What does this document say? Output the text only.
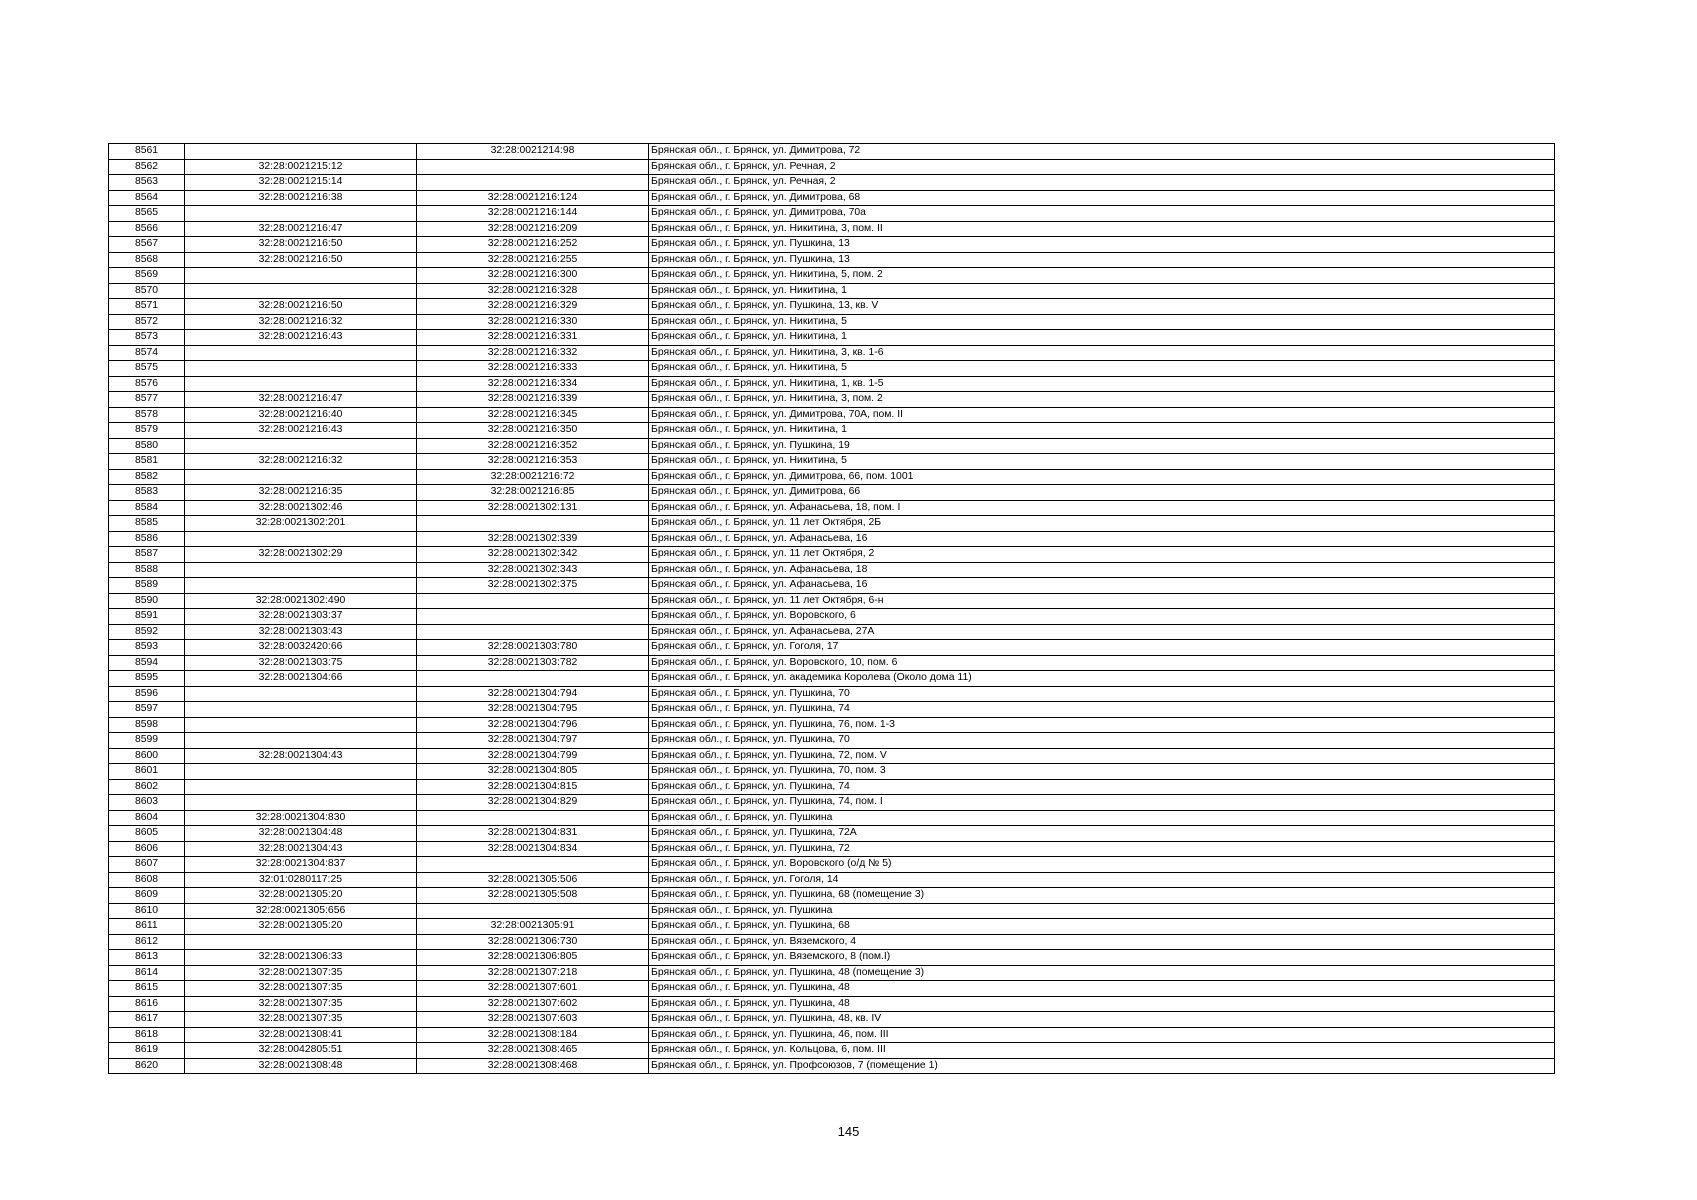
8561		32:28:0021214:98	Брянская обл., г. Брянск, ул. Димитрова, 72
8562	32:28:0021215:12		Брянская обл., г. Брянск, ул. Речная, 2
8563	32:28:0021215:14		Брянская обл., г. Брянск, ул. Речная, 2
8564	32:28:0021216:38	32:28:0021216:124	Брянская обл., г. Брянск, ул. Димитрова, 68
8565		32:28:0021216:144	Брянская обл., г. Брянск, ул. Димитрова, 70а
8566	32:28:0021216:47	32:28:0021216:209	Брянская обл., г. Брянск, ул. Никитина, 3, пом. II
8567	32:28:0021216:50	32:28:0021216:252	Брянская обл., г. Брянск, ул. Пушкина, 13
8568	32:28:0021216:50	32:28:0021216:255	Брянская обл., г. Брянск, ул. Пушкина, 13
8569		32:28:0021216:300	Брянская обл., г. Брянск, ул. Никитина, 5, пом. 2
8570		32:28:0021216:328	Брянская обл., г. Брянск, ул. Никитина, 1
8571	32:28:0021216:50	32:28:0021216:329	Брянская обл., г. Брянск, ул. Пушкина, 13, кв. V
8572	32:28:0021216:32	32:28:0021216:330	Брянская обл., г. Брянск, ул. Никитина, 5
8573	32:28:0021216:43	32:28:0021216:331	Брянская обл., г. Брянск, ул. Никитина, 1
8574		32:28:0021216:332	Брянская обл., г. Брянск, ул. Никитина, 3, кв. 1-6
8575		32:28:0021216:333	Брянская обл., г. Брянск, ул. Никитина, 5
8576		32:28:0021216:334	Брянская обл., г. Брянск, ул. Никитина, 1, кв. 1-5
8577	32:28:0021216:47	32:28:0021216:339	Брянская обл., г. Брянск, ул. Никитина, 3, пом. 2
8578	32:28:0021216:40	32:28:0021216:345	Брянская обл., г. Брянск, ул. Димитрова, 70А, пом. II
8579	32:28:0021216:43	32:28:0021216:350	Брянская обл., г. Брянск, ул. Никитина, 1
8580		32:28:0021216:352	Брянская обл., г. Брянск, ул. Пушкина, 19
8581	32:28:0021216:32	32:28:0021216:353	Брянская обл., г. Брянск, ул. Никитина, 5
8582		32:28:0021216:72	Брянская обл., г. Брянск, ул. Димитрова, 66, пом. 1001
8583	32:28:0021216:35	32:28:0021216:85	Брянская обл., г. Брянск, ул. Димитрова, 66
8584	32:28:0021302:46	32:28:0021302:131	Брянская обл., г. Брянск, ул. Афанасьева, 18, пом. I
8585	32:28:0021302:201		Брянская обл., г. Брянск, ул. 11 лет Октября, 2Б
8586		32:28:0021302:339	Брянская обл., г. Брянск, ул. Афанасьева, 16
8587	32:28:0021302:29	32:28:0021302:342	Брянская обл., г. Брянск, ул. 11 лет Октября, 2
8588		32:28:0021302:343	Брянская обл., г. Брянск, ул. Афанасьева, 18
8589		32:28:0021302:375	Брянская обл., г. Брянск, ул. Афанасьева, 16
8590	32:28:0021302:490		Брянская обл., г. Брянск, ул. 11 лет Октября, 6-н
8591	32:28:0021303:37		Брянская обл., г. Брянск, ул. Воровского, 6
8592	32:28:0021303:43		Брянская обл., г. Брянск, ул. Афанасьева, 27А
8593	32:28:0032420:66	32:28:0021303:780	Брянская обл., г. Брянск, ул. Гоголя, 17
8594	32:28:0021303:75	32:28:0021303:782	Брянская обл., г. Брянск, ул. Воровского, 10, пом. 6
8595	32:28:0021304:66		Брянская обл., г. Брянск, ул. академика Королева (Около дома 11)
8596		32:28:0021304:794	Брянская обл., г. Брянск, ул. Пушкина, 70
8597		32:28:0021304:795	Брянская обл., г. Брянск, ул. Пушкина, 74
8598		32:28:0021304:796	Брянская обл., г. Брянск, ул. Пушкина, 76, пом. 1-3
8599		32:28:0021304:797	Брянская обл., г. Брянск, ул. Пушкина, 70
8600	32:28:0021304:43	32:28:0021304:799	Брянская обл., г. Брянск, ул. Пушкина, 72, пом. V
8601		32:28:0021304:805	Брянская обл., г. Брянск, ул. Пушкина, 70, пом. 3
8602		32:28:0021304:815	Брянская обл., г. Брянск, ул. Пушкина, 74
8603		32:28:0021304:829	Брянская обл., г. Брянск, ул. Пушкина, 74, пом. I
8604	32:28:0021304:830		Брянская обл., г. Брянск, ул. Пушкина
8605	32:28:0021304:48	32:28:0021304:831	Брянская обл., г. Брянск, ул. Пушкина, 72А
8606	32:28:0021304:43	32:28:0021304:834	Брянская обл., г. Брянск, ул. Пушкина, 72
8607	32:28:0021304:837		Брянская обл., г. Брянск, ул. Воровского (о/д № 5)
8608	32:01:0280117:25	32:28:0021305:506	Брянская обл., г. Брянск, ул. Гоголя, 14
8609	32:28:0021305:20	32:28:0021305:508	Брянская обл., г. Брянск, ул. Пушкина, 68 (помещение 3)
8610	32:28:0021305:656		Брянская обл., г. Брянск, ул. Пушкина
8611	32:28:0021305:20	32:28:0021305:91	Брянская обл., г. Брянск, ул. Пушкина, 68
8612		32:28:0021306:730	Брянская обл., г. Брянск, ул. Вяземского, 4
8613	32:28:0021306:33	32:28:0021306:805	Брянская обл., г. Брянск, ул. Вяземского, 8 (пом.I)
8614	32:28:0021307:35	32:28:0021307:218	Брянская обл., г. Брянск, ул. Пушкина, 48 (помещение 3)
8615	32:28:0021307:35	32:28:0021307:601	Брянская обл., г. Брянск, ул. Пушкина, 48
8616	32:28:0021307:35	32:28:0021307:602	Брянская обл., г. Брянск, ул. Пушкина, 48
8617	32:28:0021307:35	32:28:0021307:603	Брянская обл., г. Брянск, ул. Пушкина, 48, кв. IV
8618	32:28:0021308:41	32:28:0021308:184	Брянская обл., г. Брянск, ул. Пушкина, 46, пом. III
8619	32:28:0042805:51	32:28:0021308:465	Брянская обл., г. Брянск, ул. Кольцова, 6, пом. III
8620	32:28:0021308:48	32:28:0021308:468	Брянская обл., г. Брянск, ул. Профсоюзов, 7 (помещение 1)
145
